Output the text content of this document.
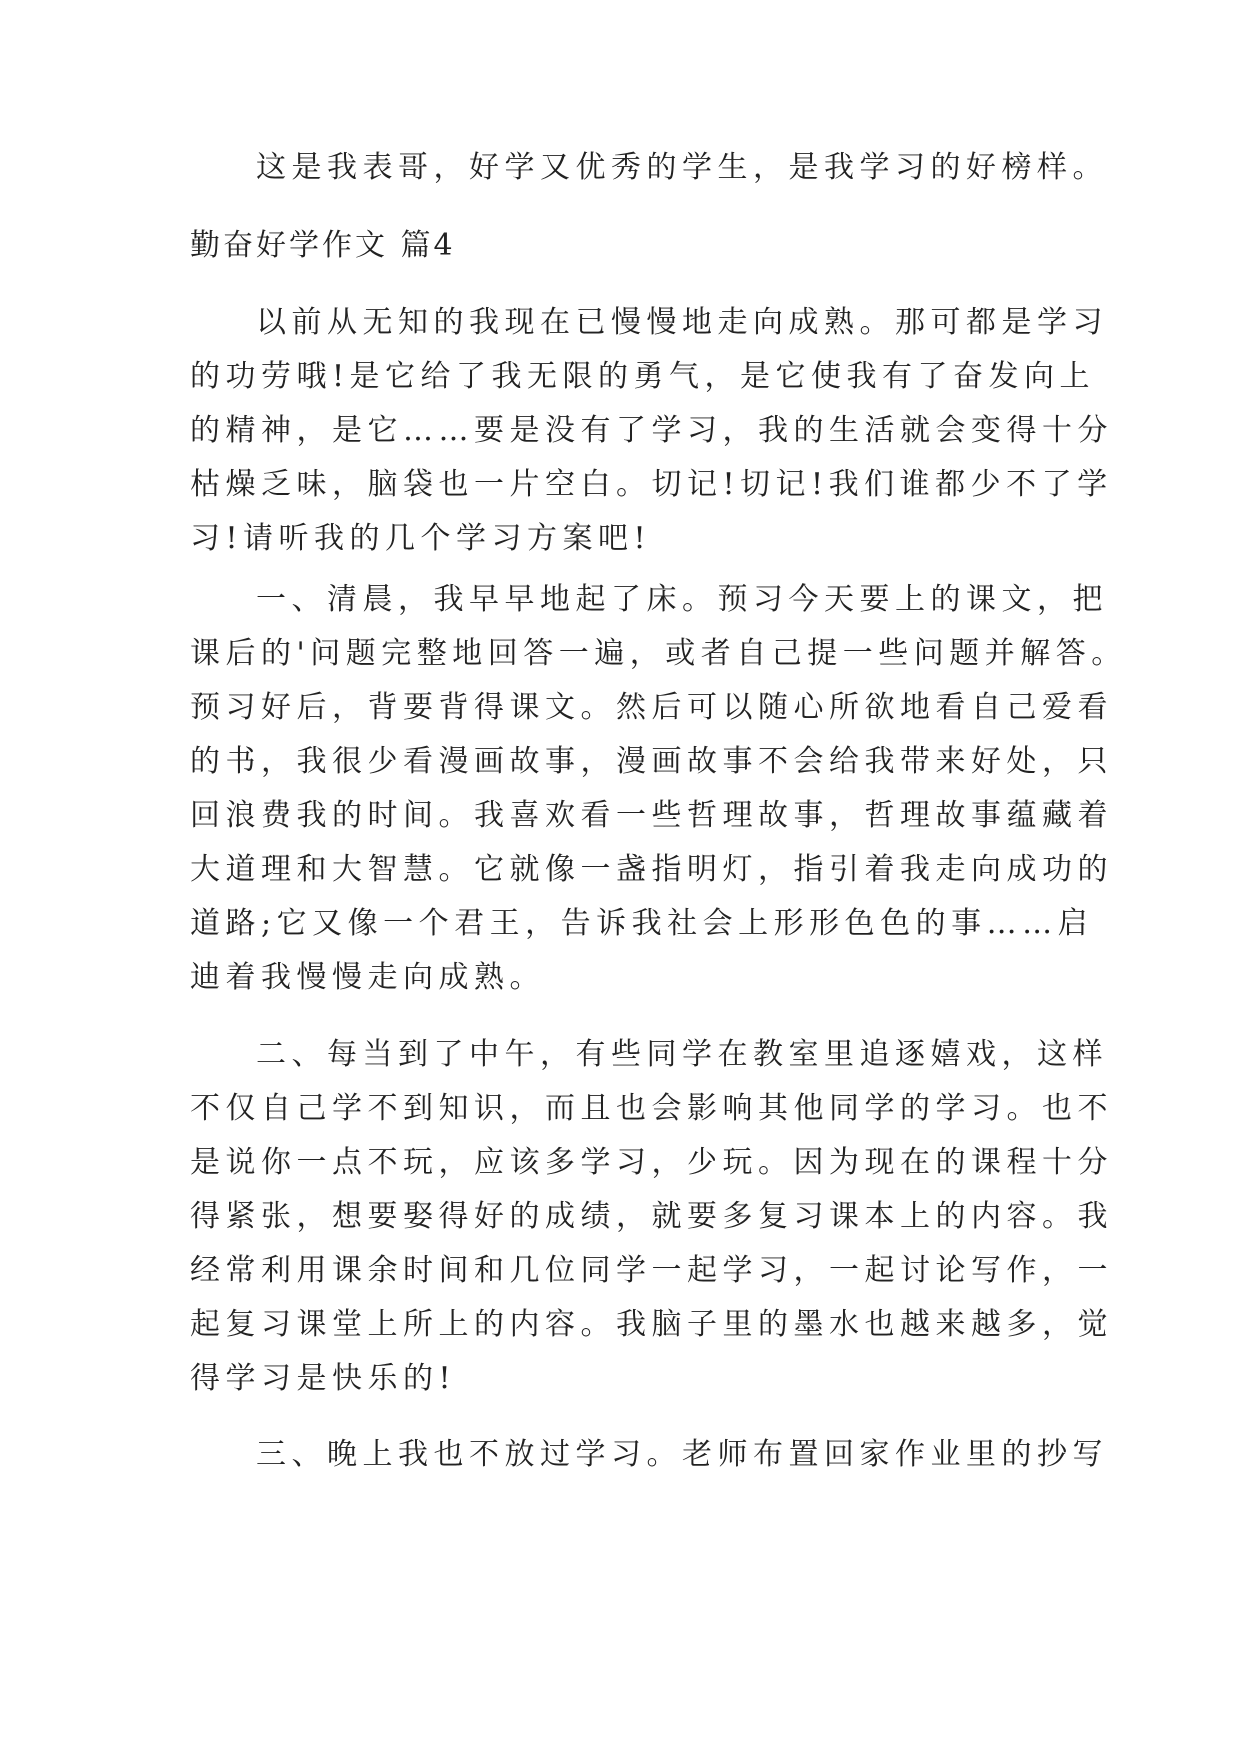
这是我表哥，好学又优秀的学生，是我学习的好榜样。
勤奋好学作文 篇4
以前从无知的我现在已慢慢地走向成熟。那可都是学习
的功劳哦!是它给了我无限的勇气，是它使我有了奋发向上
的精神，是它……要是没有了学习，我的生活就会变得十分
枯燥乏味，脑袋也一片空白。切记!切记!我们谁都少不了学
习!请听我的几个学习方案吧!
一、清晨，我早早地起了床。预习今天要上的课文，把
课后的'问题完整地回答一遍，或者自己提一些问题并解答。
预习好后，背要背得课文。然后可以随心所欲地看自己爱看
的书，我很少看漫画故事，漫画故事不会给我带来好处，只
回浪费我的时间。我喜欢看一些哲理故事，哲理故事蕴藏着
大道理和大智慧。它就像一盏指明灯，指引着我走向成功的
道路;它又像一个君王，告诉我社会上形形色色的事……启
迪着我慢慢走向成熟。
二、每当到了中午，有些同学在教室里追逐嬉戏，这样
不仅自己学不到知识，而且也会影响其他同学的学习。也不
是说你一点不玩，应该多学习，少玩。因为现在的课程十分
得紧张，想要娶得好的成绩，就要多复习课本上的内容。我
经常利用课余时间和几位同学一起学习，一起讨论写作，一
起复习课堂上所上的内容。我脑子里的墨水也越来越多，觉
得学习是快乐的!
三、晚上我也不放过学习。老师布置回家作业里的抄写
